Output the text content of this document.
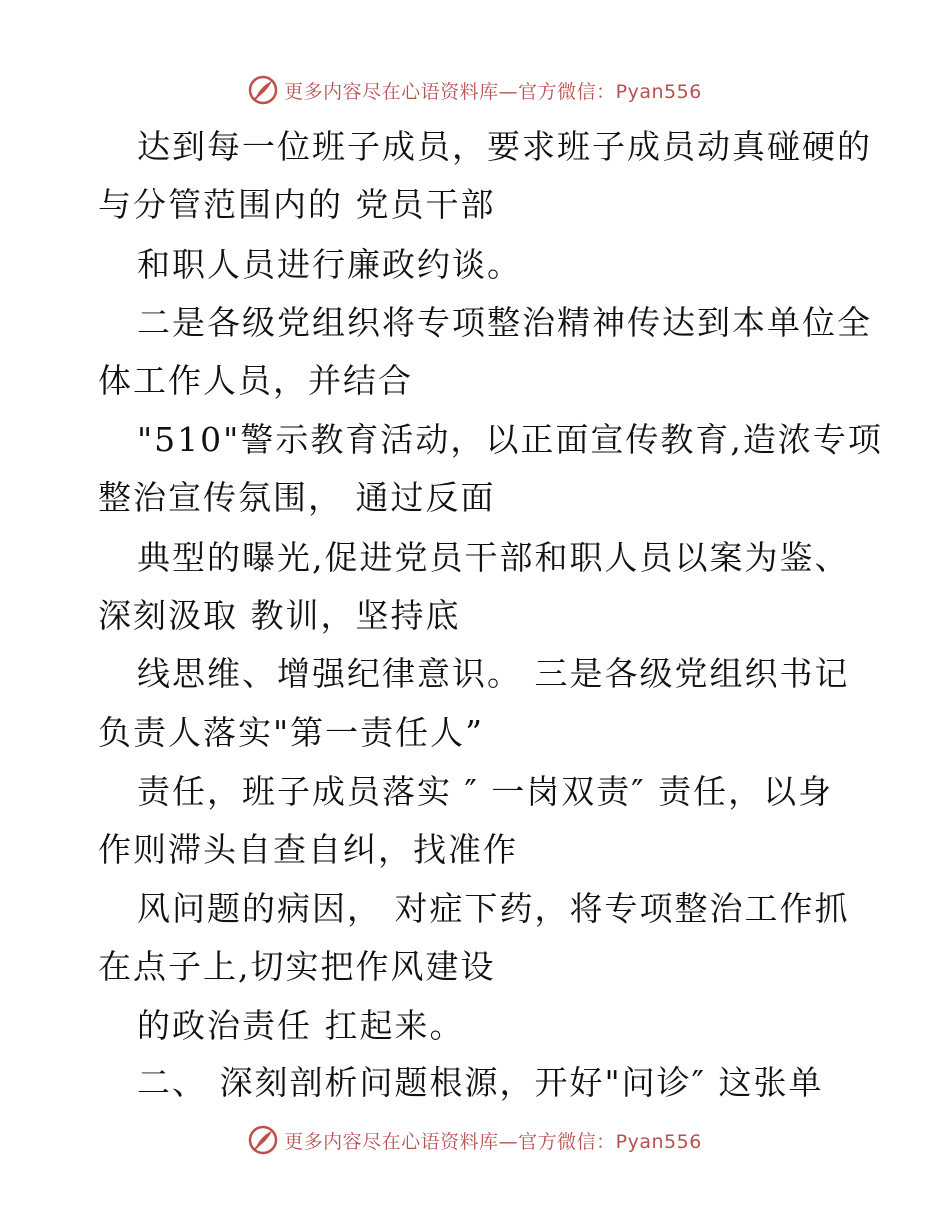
更多内容尽在心语资料库—官方微信：Pyan556
达到每一位班子成员，要求班子成员动真碰硬的
与分管范围内的 党员干部
和职人员进行廉政约谈。
二是各级党组织将专项整治精神传达到本单位全
体工作人员，并结合
"510"警示教育活动，以正面宣传教育,造浓专项
整治宣传氛围， 通过反面
典型的曝光,促进党员干部和职人员以案为鉴、
深刻汲取 教训，坚持底
线思维、增强纪律意识。 三是各级党组织书记
负责人落实"第一责任人”
责任，班子成员落实 ″ 一岗双责″ 责任，以身
作则滞头自查自纠，找准作
风问题的病因， 对症下药，将专项整治工作抓
在点子上,切实把作风建设
的政治责任 扛起来。
二、 深刻剖析问题根源，开好"问诊″ 这张单
更多内容尽在心语资料库—官方微信：Pyan556
